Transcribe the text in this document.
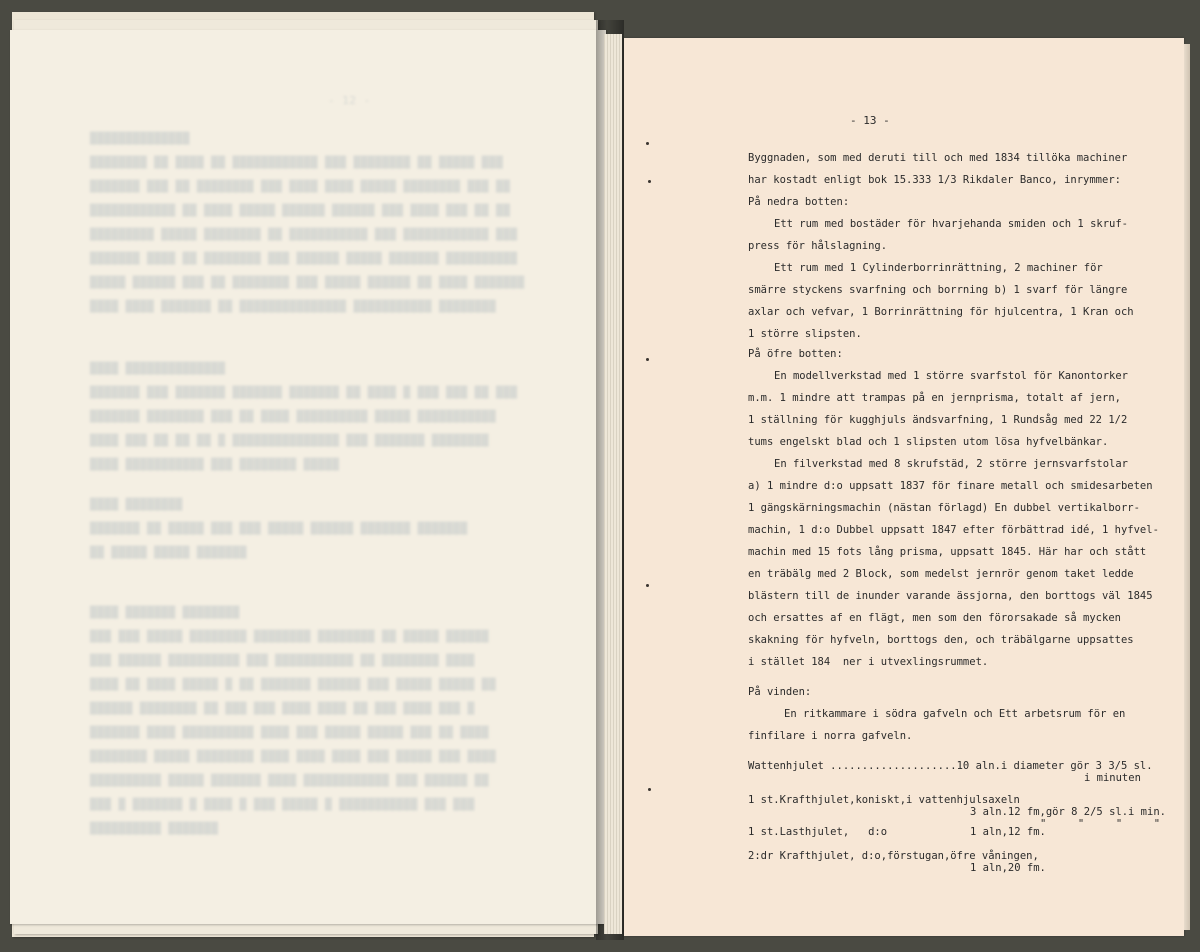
- 12 -
██████████████
████████ ██ ████ ██ ████████████ ███ ████████ ██ █████ ███
███████ ███ ██ ████████ ███ ████ ████ █████ ████████ ███ ██
████████████ ██ ████ █████ ██████ ██████ ███ ████ ███ ██ ██
█████████ █████ ████████ ██ ███████████ ███ ████████████ ███
███████ ████ ██ ████████ ███ ██████ █████ ███████ ██████████
█████ ██████ ███ ██ ████████ ███ █████ ██████ ██ ████ ███████
████ ████ ███████ ██ ███████████████ ███████████ ████████
████ ██████████████
███████ ███ ███████ ███████ ███████ ██ ████ █ ███ ███ ██ ███
███████ ████████ ███ ██ ████ ██████████ █████ ███████████
████ ███ ██ ██ ██ █ ███████████████ ███ ███████ ████████
████ ███████████ ███ ████████ █████
████ ████████
███████ ██ █████ ███ ███ █████ ██████ ███████ ███████
██ █████ █████ ███████
████ ███████ ████████
███ ███ █████ ████████ ████████ ████████ ██ █████ ██████
███ ██████ ██████████ ███ ███████████ ██ ████████ ████
████ ██ ████ █████ █ ██ ███████ ██████ ███ █████ █████ ██
██████ ████████ ██ ███ ███ ████ ████ ██ ███ ████ ███ █
███████ ████ ██████████ ████ ███ █████ █████ ███ ██ ████
████████ █████ ████████ ████ ████ ████ ███ █████ ███ ████
██████████ █████ ███████ ████ ████████████ ███ ██████ ██
███ █ ███████ █ ████ █ ███ █████ █ ███████████ ███ ███
██████████ ███████
- 13 -
Byggnaden, som med deruti till och med 1834 tillöka machiner
har kostadt enligt bok 15.333 1/3 Rikdaler Banco, inrymmer:
På nedra botten:
Ett rum med bostäder för hvarjehanda smiden och 1 skruf-
press för hålslagning.
Ett rum med 1 Cylinderborrinrättning, 2 machiner för
smärre styckens svarfning och borrning b) 1 svarf för längre
axlar och vefvar, 1 Borrinrättning för hjulcentra, 1 Kran och
1 större slipsten.
På öfre botten:
En modellverkstad med 1 större svarfstol för Kanontorker
m.m. 1 mindre att trampas på en jernprisma, totalt af jern,
1 ställning för kugghjuls ändsvarfning, 1 Rundsåg med 22 1/2
tums engelskt blad och 1 slipsten utom lösa hyfvelbänkar.
En filverkstad med 8 skrufstäd, 2 större jernsvarfstolar
a) 1 mindre d:o uppsatt 1837 för finare metall och smidesarbeten
1 gängskärningsmachin (nästan förlagd) En dubbel vertikalborr-
machin, 1 d:o Dubbel uppsatt 1847 efter förbättrad idé, 1 hyfvel-
machin med 15 fots lång prisma, uppsatt 1845. Här har och stått
en träbälg med 2 Block, som medelst jernrör genom taket ledde
blästern till de inunder varande ässjorna, den borttogs väl 1845
och ersattes af en flägt, men som den förorsakade så mycken
skakning för hyfveln, borttogs den, och träbälgarne uppsattes
i stället 184  ner i utvexlingsrummet.
På vinden:
En ritkammare i södra gafveln och Ett arbetsrum för en
finfilare i norra gafveln.
Wattenhjulet ....................10 aln.i diameter gör 3 3/5 sl.
i minuten
1 st.Krafthjulet,koniskt,i vattenhjulsaxeln
3 aln.12 fm,gör 8 2/5 sl.i min.
1 st.Lasthjulet,   d:o	1 aln,12 fm.
"     "     "     "
2:dr Krafthjulet, d:o,förstugan,öfre våningen,
1 aln,20 fm.
